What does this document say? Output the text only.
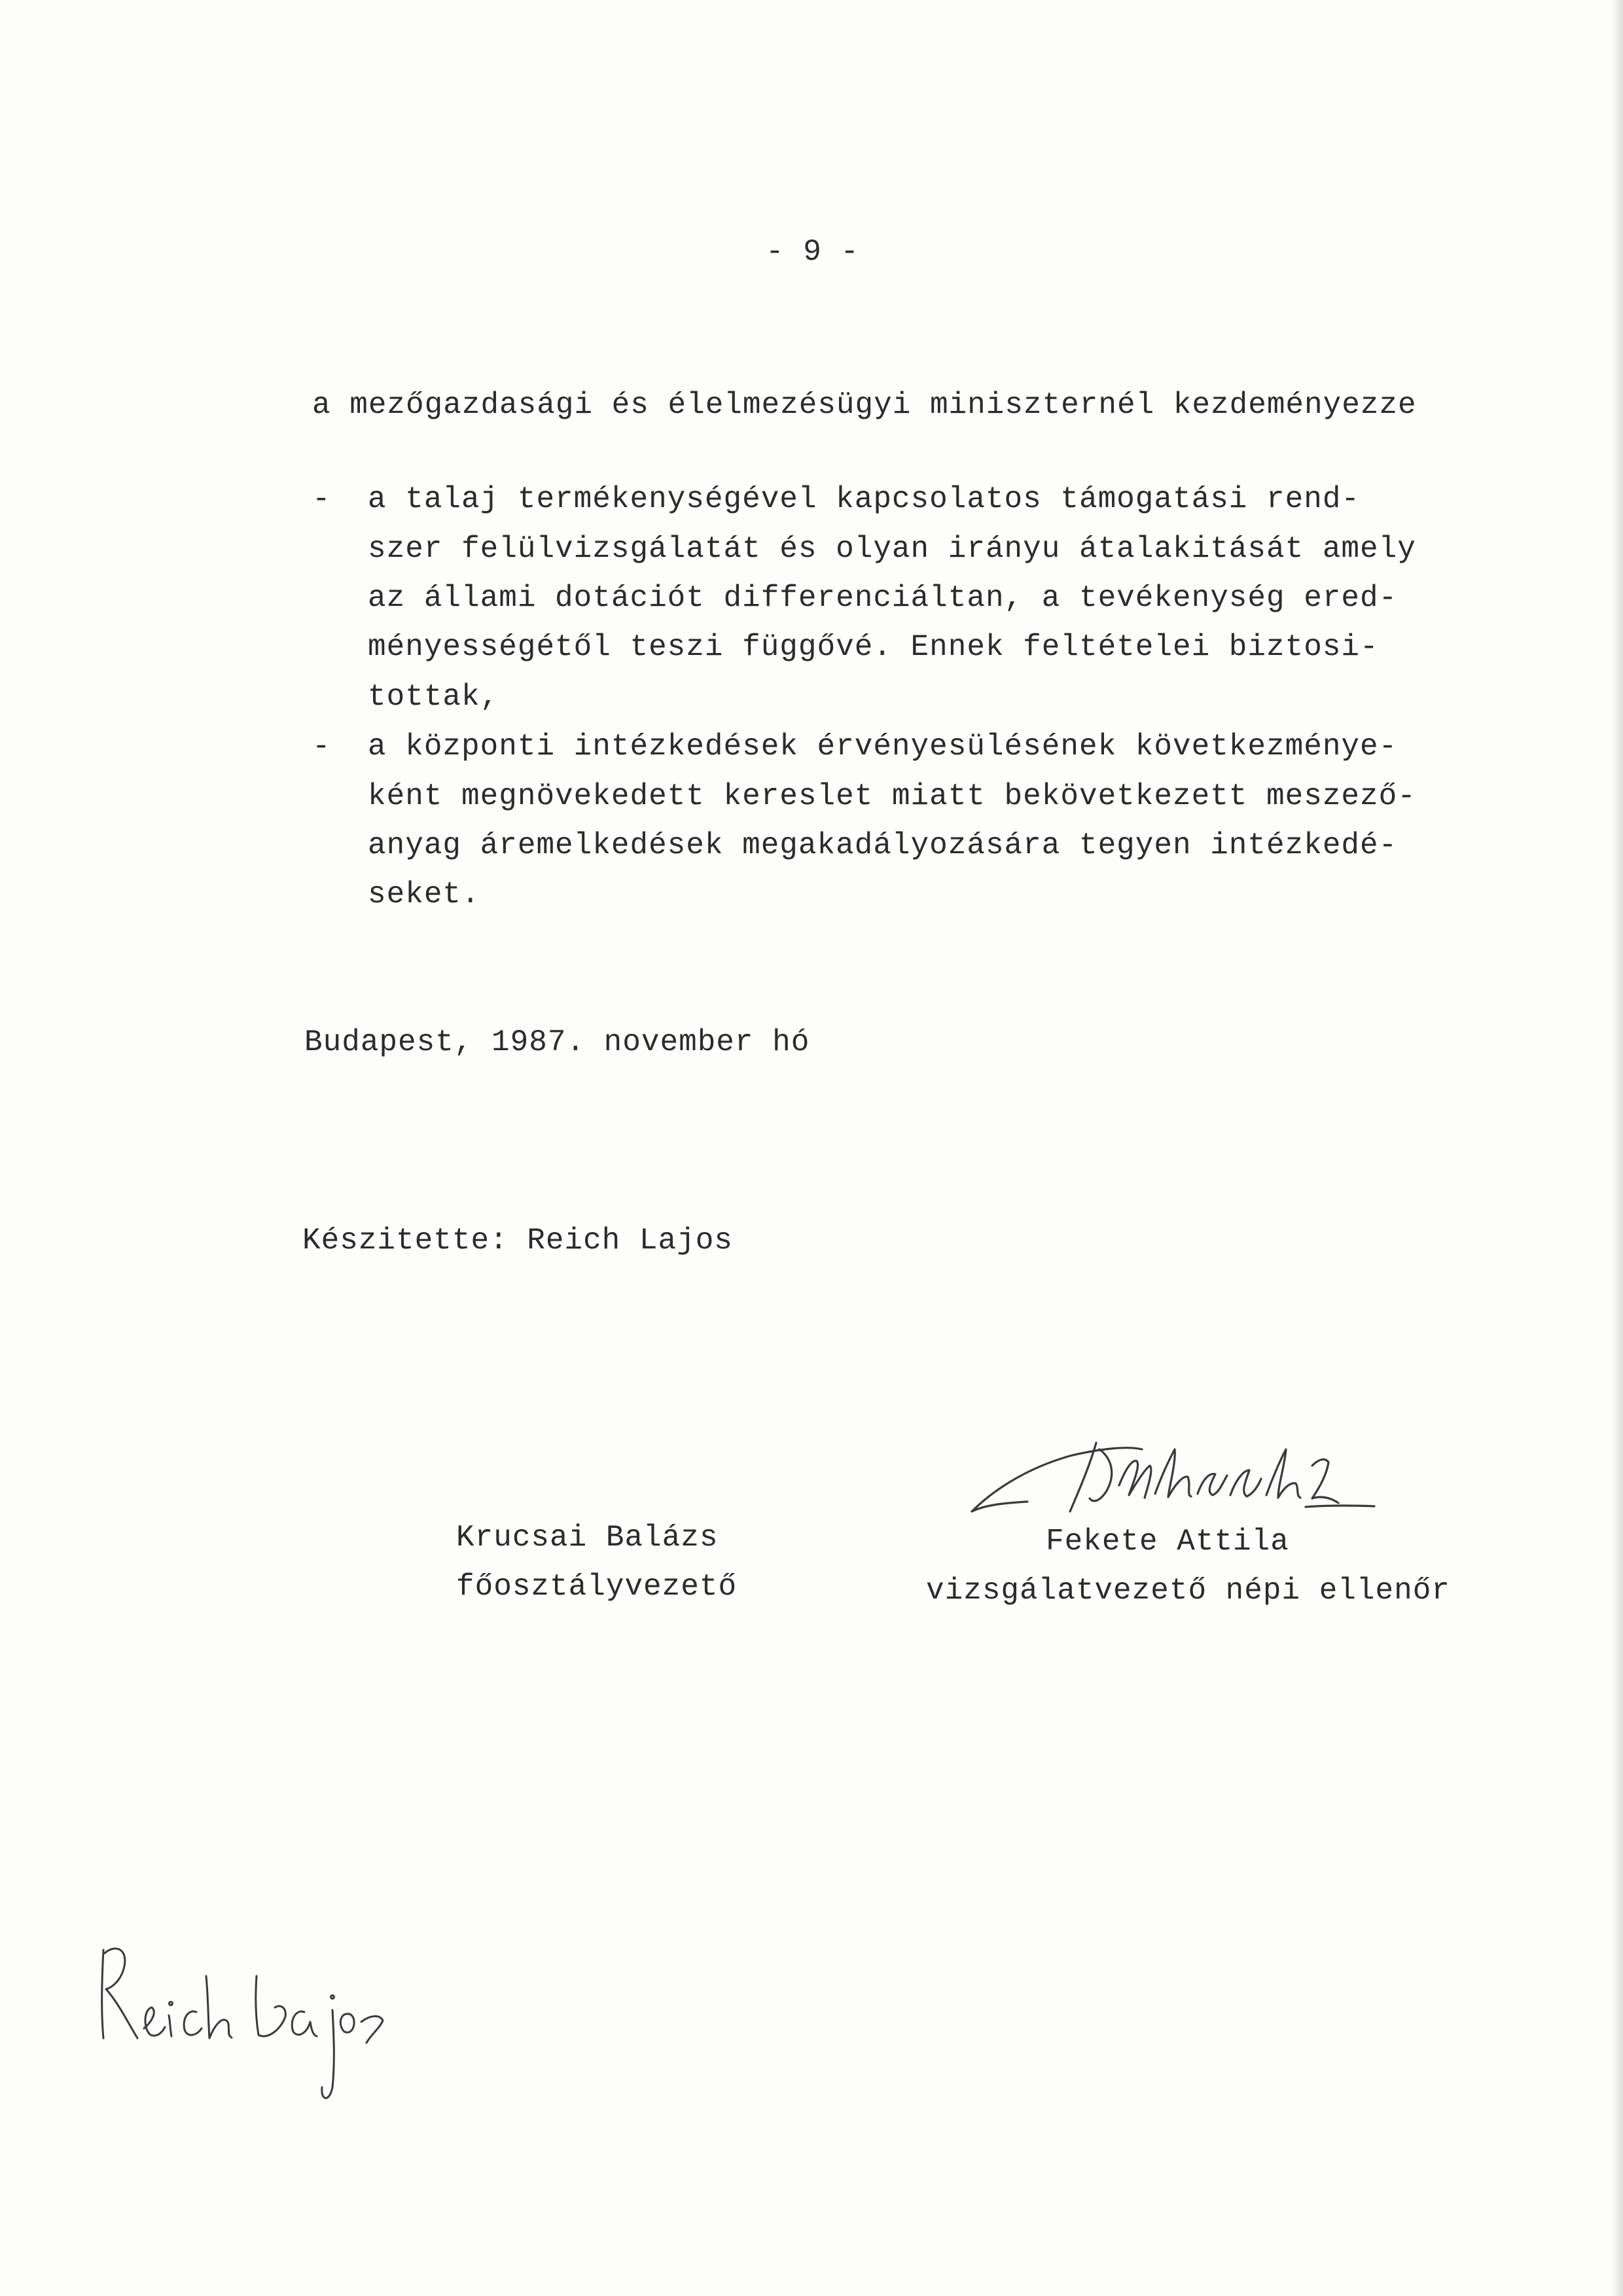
- 9 -
a mezőgazdasági és élelmezésügyi miniszternél kezdeményezze
- a talaj termékenységével kapcsolatos támogatási rend-
szer felülvizsgálatát és olyan irányu átalakitását amely
az állami dotációt differenciáltan, a tevékenység ered-
ményességétől teszi függővé. Ennek feltételei biztosi-
tottak,
- a központi intézkedések érvényesülésének következménye-
ként megnövekedett kereslet miatt bekövetkezett meszező-
anyag áremelkedések megakadályozására tegyen intézkedé-
seket.
Budapest, 1987. november hó
Készitette: Reich Lajos
Krucsai Balázs
főosztályvezető
Fekete Attila
vizsgálatvezető népi ellenőr
